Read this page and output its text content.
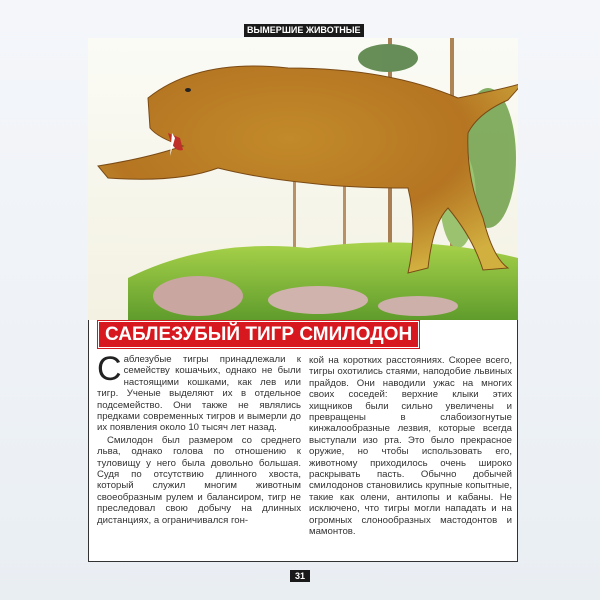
ВЫМЕРШИЕ ЖИВОТНЫЕ
САБЛЕЗУБЫЙ ТИГР СМИЛОДОН

Саблезубые тигры принадлежали к семейству кошачьих, однако не были настоящими кошками, как лев или тигр. Ученые выделяют их в отдельное подсемейство. Они также не являлись предками современных тигров и вымерли до их появления около 10 тысяч лет назад.

Смилодон был размером со среднего льва, однако голова по отношению к туловищу у него была довольно большая. Судя по отсутствию длинного хвоста, который служил многим животным своеобразным рулем и балансиром, тигр не преследовал свою добычу на длинных дистанциях, а ограничивался гон-

кой на коротких расстояниях. Скорее всего, тигры охотились стаями, наподобие львиных прайдов. Они наводили ужас на многих своих соседей: верхние клыки этих хищников были сильно увеличены и превращены в слабоизогнутые кинжалообразные лезвия, которые всегда выступали изо рта. Это было прекрасное оружие, но чтобы использовать его, животному приходилось очень широко раскрывать пасть. Обычно добычей смилодонов становились крупные копытные, такие как олени, антилопы и кабаны. Не исключено, что тигры могли нападать и на огромных слонообразных мастодонтов и мамонтов.

31
